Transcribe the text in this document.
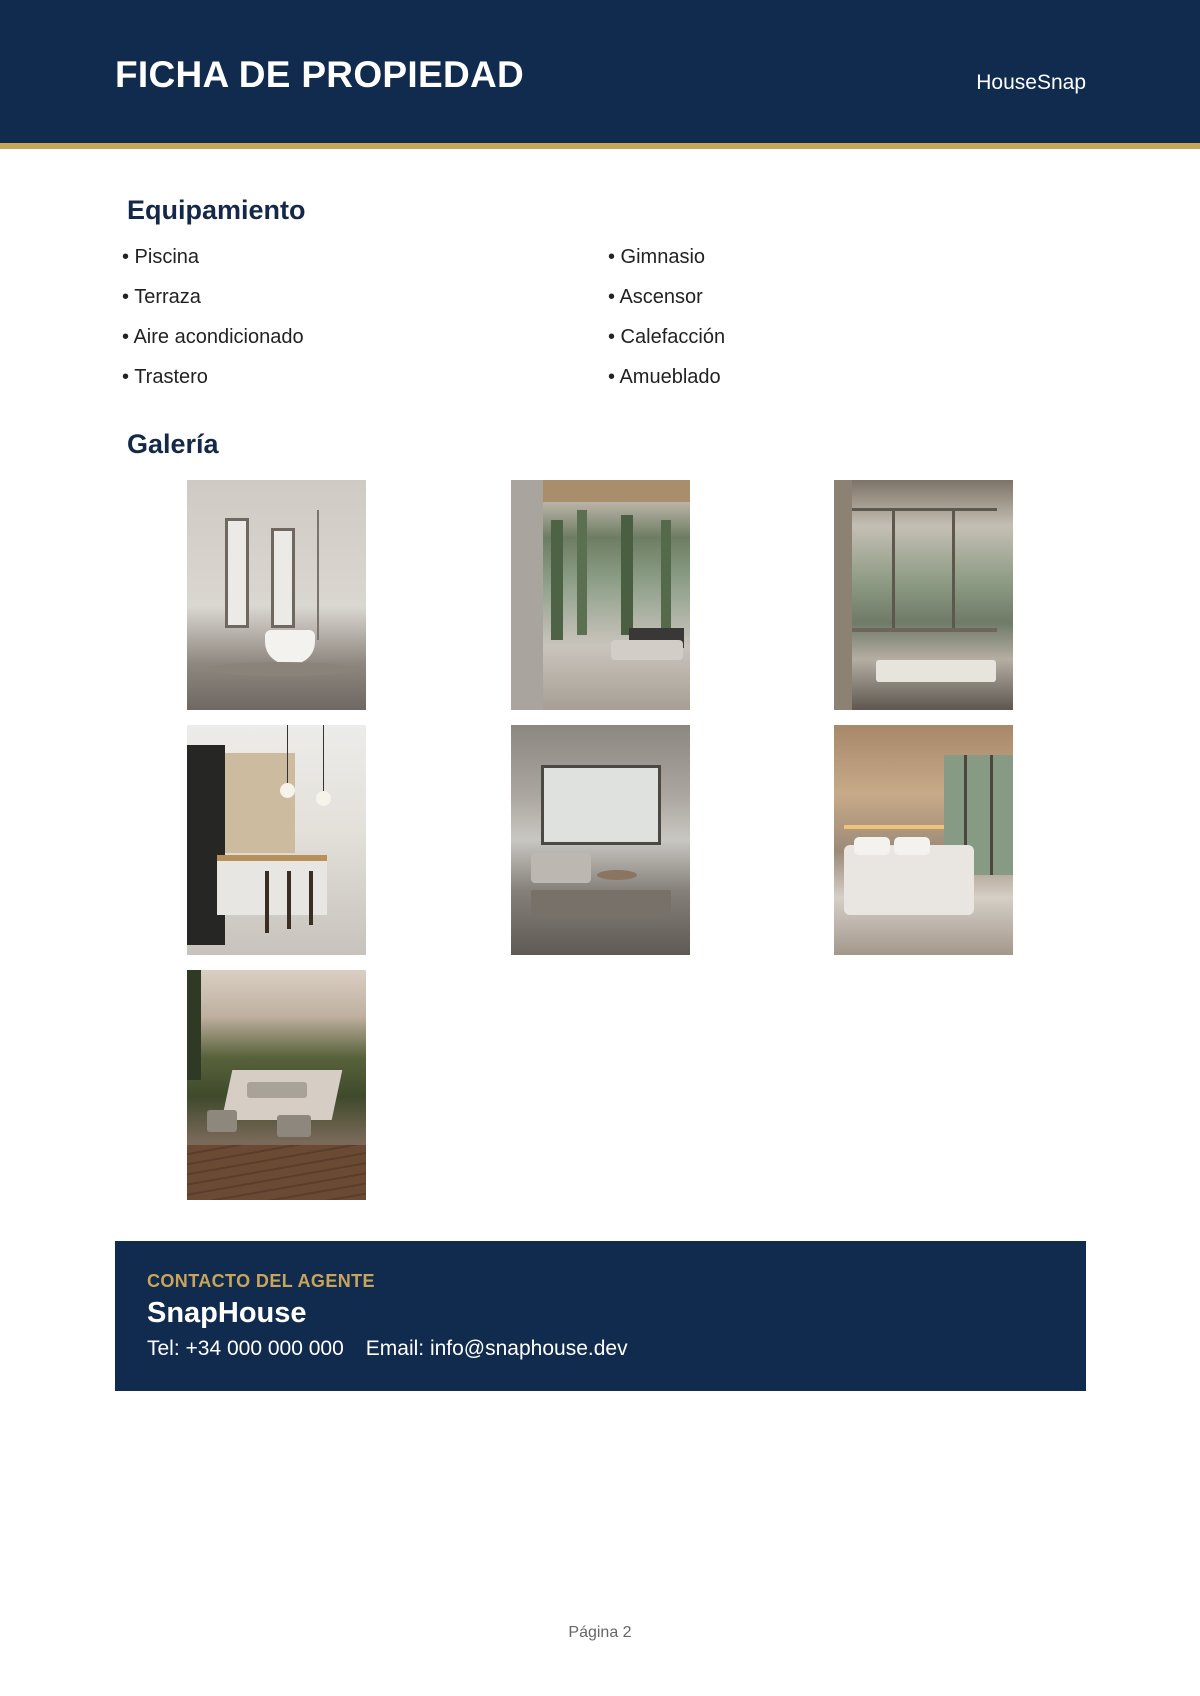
FICHA DE PROPIEDAD	HouseSnap
Equipamiento
• Piscina	• Gimnasio
• Terraza	• Ascensor
• Aire acondicionado	• Calefacción
• Trastero	• Amueblado
Galería
CONTACTO DEL AGENTE
SnapHouse
Tel: +34 000 000 000 Email: info@snaphouse.dev
Página 2
